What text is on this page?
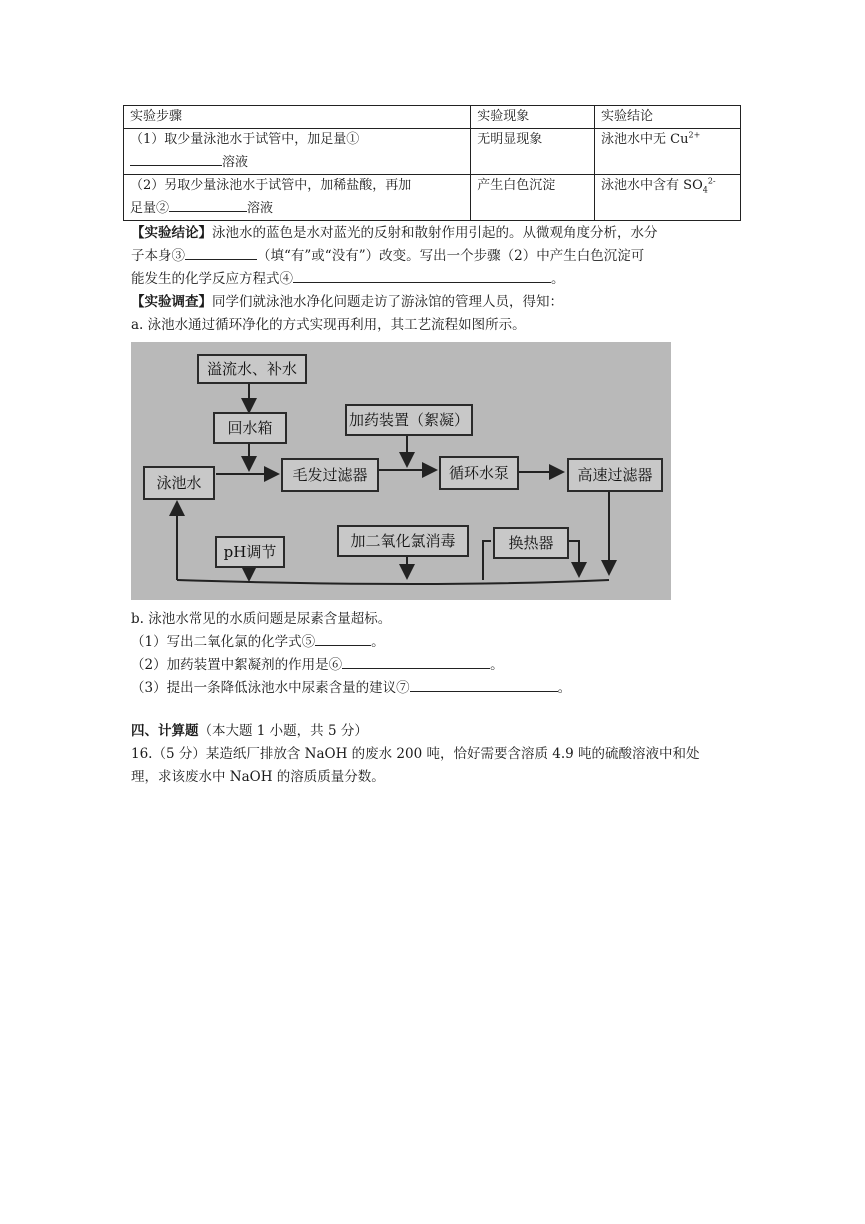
实验步骤	实验现象	实验结论

（1）取少量泳池水于试管中，加足量①
溶液	无明显现象	泳池水中无 $Cu^{2+}$

（2）另取少量泳池水于试管中，加稀盐酸，再加
足量② 溶液	产生白色沉淀	泳池水中含有 $SO_4^{2-}$
【实验结论】泳池水的蓝色是水对蓝光的反射和散射作用引起的。从微观角度分析，水分
子本身③	（填“有”或“没有”）改变。写出一个步骤（2）中产生白色沉淀可
能发生的化学反应方程式④	。
【实验调查】同学们就泳池水净化问题走访了游泳馆的管理人员，得知：
a. 泳池水通过循环净化的方式实现再利用，其工艺流程如图所示。
溢流水、补水
回水箱	加药装置（絮凝）
泳池水	毛发过滤器	循环水泵	高速过滤器
加二氧化氯消毒	换热器
pH调节
b. 泳池水常见的水质问题是尿素含量超标。
（1）写出二氧化氯的化学式⑤	。
（2）加药装置中絮凝剂的作用是⑥	。
（3）提出一条降低泳池水中尿素含量的建议⑦	。
四、计算题（本大题 1 小题，共 5 分）
16.（5 分）某造纸厂排放含 NaOH 的废水 200 吨，恰好需要含溶质 4.9 吨的硫酸溶液中和处
理，求该废水中 NaOH 的溶质质量分数。
